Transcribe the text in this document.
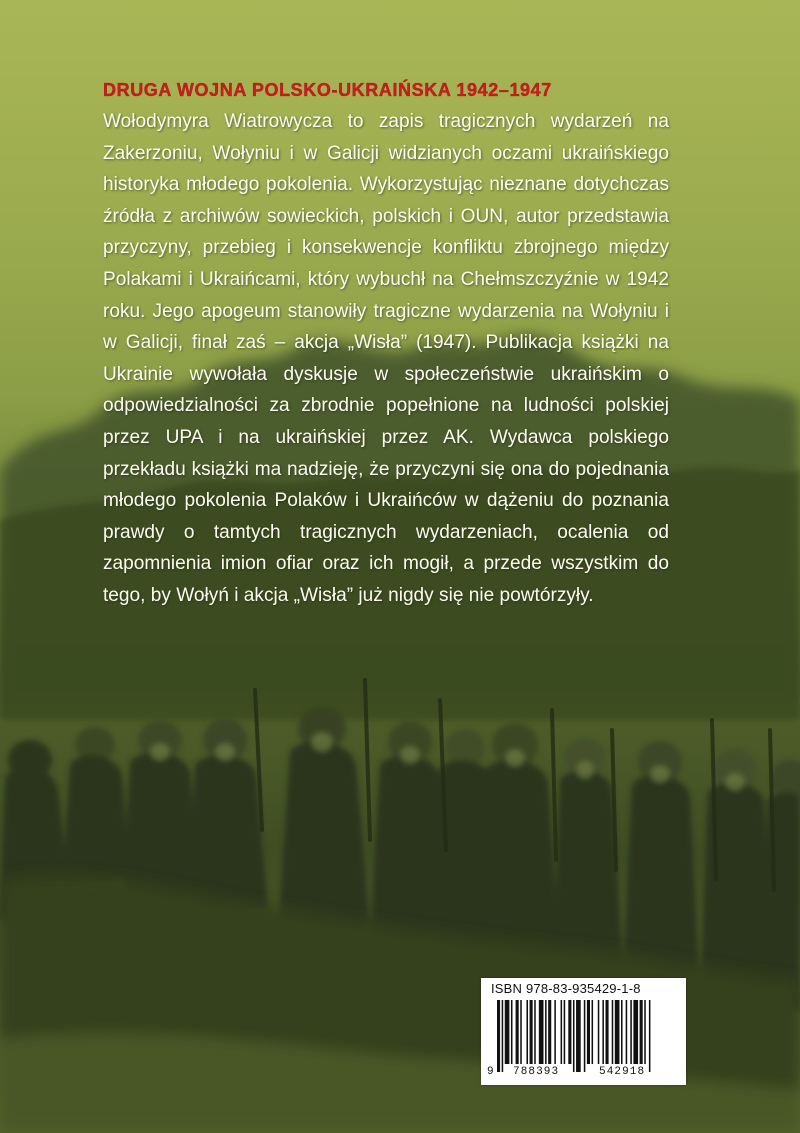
DRUGA WOJNA POLSKO-UKRAIŃSKA 1942–1947

Wołodymyra Wiatrowycza to zapis tragicznych wydarzeń na Zakerzoniu, Wołyniu i w Galicji widzianych oczami ukraińskiego historyka młodego pokolenia. Wykorzystując nieznane dotychczas źródła z archiwów sowieckich, polskich i OUN, autor przedstawia przyczyny, przebieg i konsekwencje konfliktu zbrojnego między Polakami i Ukraińcami, który wybuchł na Chełmszczyźnie w 1942 roku. Jego apogeum stanowiły tragiczne wydarzenia na Wołyniu i w Galicji, finał zaś – akcja „Wisła” (1947). Publikacja książki na Ukrainie wywołała dyskusje w społeczeństwie ukraińskim o odpowiedzialności za zbrodnie popełnione na ludności polskiej przez UPA i na ukraińskiej przez AK. Wydawca polskiego przekładu książki ma nadzieję, że przyczyni się ona do pojednania młodego pokolenia Polaków i Ukraińców w dążeniu do poznania prawdy o tamtych tragicznych wydarzeniach, ocalenia od zapomnienia imion ofiar oraz ich mogił, a przede wszystkim do tego, by Wołyń i akcja „Wisła” już nigdy się nie powtórzyły.

ISBN 978-83-935429-1-8
9 788393	542918
